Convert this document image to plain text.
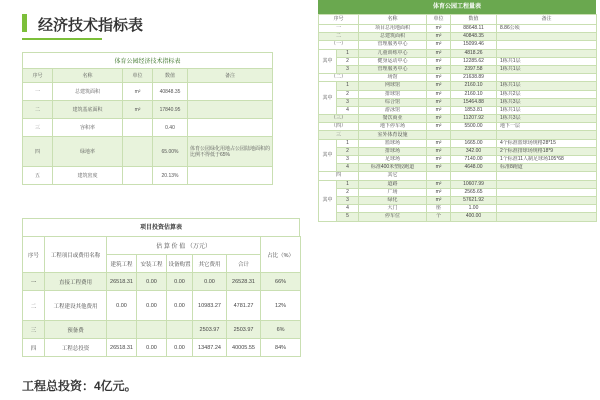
经济技术指标表
体育公园经济技术指标表				
序号	名称	单位	数值	备注
一	总建筑面积	m²	40848.35	
二	建筑基底面积	m²	17840.95	
三	容积率		0.40	
四	绿地率		65.00%	体育公园绿化用地占公园陆地面积的比例不得低于65%
五	建筑密度		20.13%	
项目投资估算表
序号	工程项目或费用名称	估 算 价 值 （万元）					占比（%）
		建筑工程	安装工程	设备购置	其它费用	合计	
一	直接工程费用	26518.31	0.00	0.00	0.00	26528.31	66%
二	工程建设其他费用	0.00	0.00	0.00	10983.27	4781.27	12%
三	预备费				2503.97	2503.97	6%
四	工程总投资	26518.31	0.00	0.00	13487.24	40005.55	84%
工程总投资：4亿元。
体育公园工程量表
序号		名称	单位	数值	备注
一		项目总用地面积	m²	88648.11	8.86公顷
二		总建筑面积	m²	40848.35	
（一）		管理服务中心	m²	15099.46	
其中	1	儿童训练中心	m²	4818.26	
	2	健身运动中心	m²	12285.62	1栋共1层
	3	管理服务中心	m²	2397.58	1栋共1层
（二）		场馆	m²	21638.89	
其中	1	网球馆	m²	2160.10	1栋共1层
	2	排球馆	m²	2160.10	1栋共2层
	3	综合馆	m²	15464.88	1栋共3层
	4	游泳馆	m²	1853.81	1栋共1层
（三）		餐饮商业	m²	11207.92	1栋共3层
（四）		地下停车场	m²	5500.00	地下一层
三		室外体育设施			
其中	1	篮球场	m²	1665.00	4个标准篮球场规格28*15
	2	排球场	m²	342.00	2个标准排球场规格18*9
	3	足球场	m²	7140.00	1个标准11人制足球场105*68
	4	标准400米塑胶跑道	m²	4648.00	标准8跑道
四		其它			
其中	1	道路	m²	10607.99	
	2	广场	m²	2565.65	
	3	绿化	m²	57621.92	
	4	大门	座	1.00	
	5	停车位	个	400.00	
